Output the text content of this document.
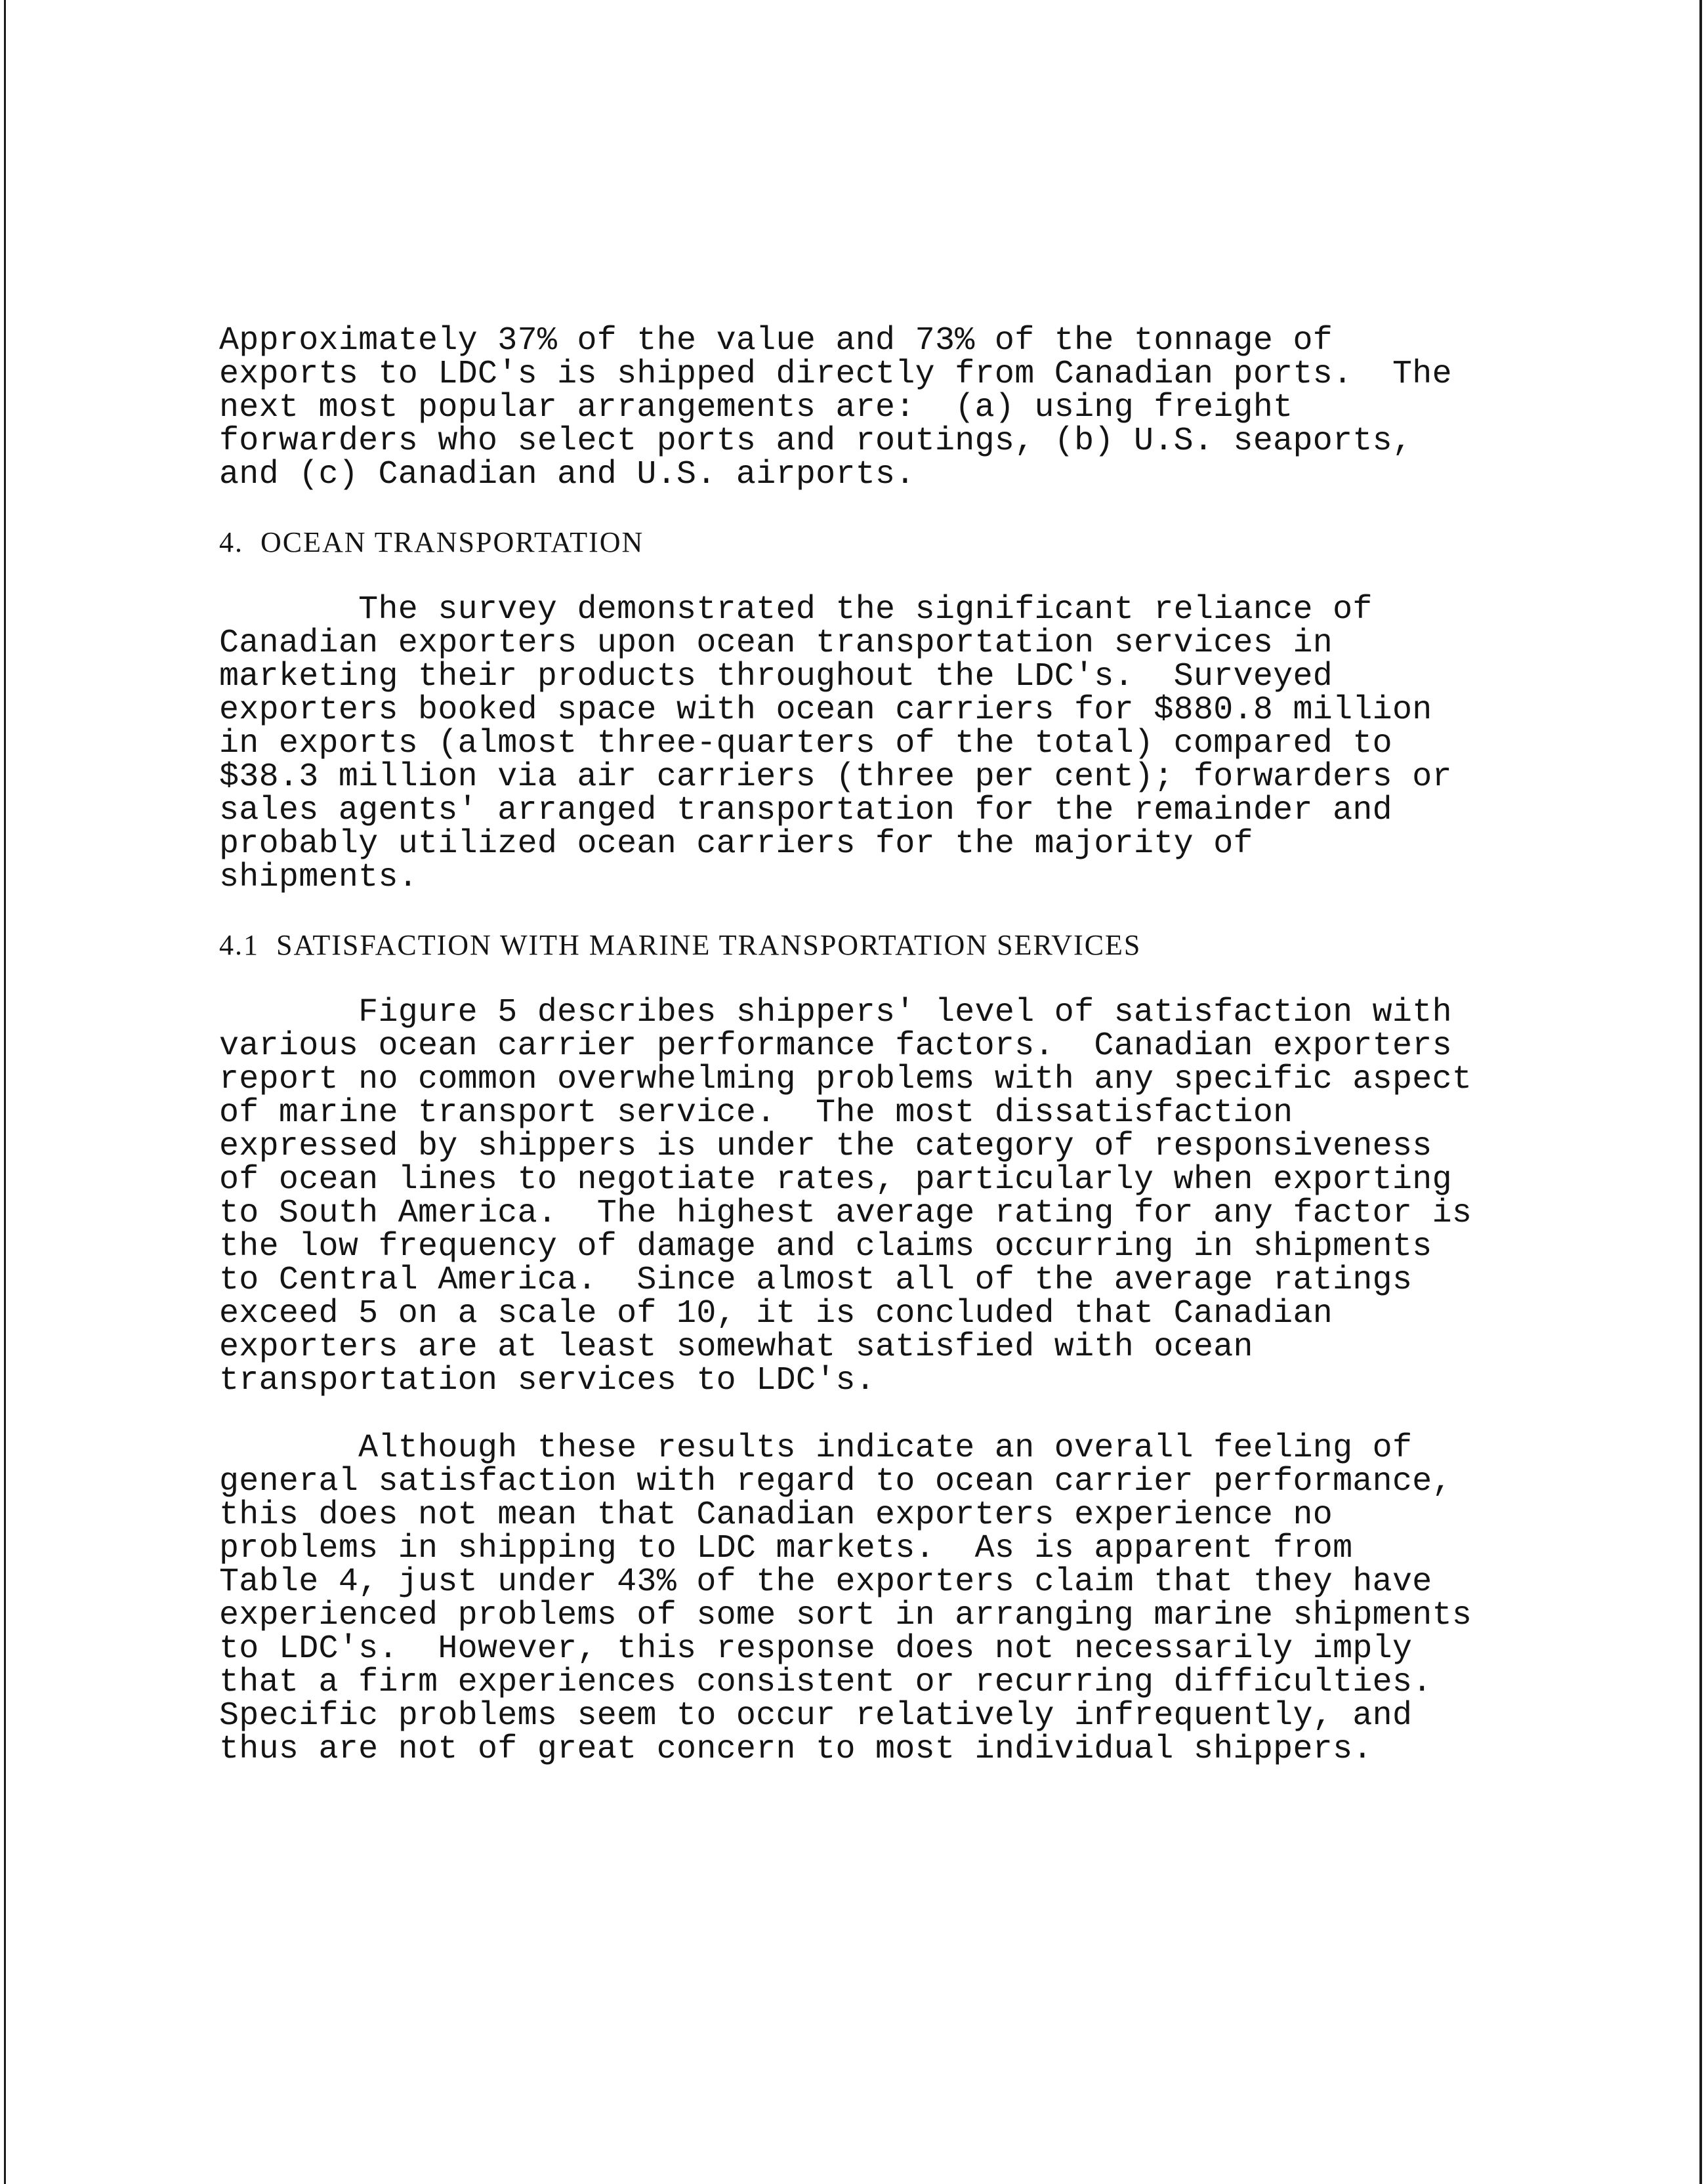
Approximately 37% of the value and 73% of the tonnage of
exports to LDC's is shipped directly from Canadian ports.  The
next most popular arrangements are:  (a) using freight
forwarders who select ports and routings, (b) U.S. seaports,
and (c) Canadian and U.S. airports.
4.  OCEAN TRANSPORTATION
The survey demonstrated the significant reliance of
Canadian exporters upon ocean transportation services in
marketing their products throughout the LDC's.  Surveyed
exporters booked space with ocean carriers for $880.8 million
in exports (almost three-quarters of the total) compared to
$38.3 million via air carriers (three per cent); forwarders or
sales agents' arranged transportation for the remainder and
probably utilized ocean carriers for the majority of
shipments.
4.1  SATISFACTION WITH MARINE TRANSPORTATION SERVICES
Figure 5 describes shippers' level of satisfaction with
various ocean carrier performance factors.  Canadian exporters
report no common overwhelming problems with any specific aspect
of marine transport service.  The most dissatisfaction
expressed by shippers is under the category of responsiveness
of ocean lines to negotiate rates, particularly when exporting
to South America.  The highest average rating for any factor is
the low frequency of damage and claims occurring in shipments
to Central America.  Since almost all of the average ratings
exceed 5 on a scale of 10, it is concluded that Canadian
exporters are at least somewhat satisfied with ocean
transportation services to LDC's.
Although these results indicate an overall feeling of
general satisfaction with regard to ocean carrier performance,
this does not mean that Canadian exporters experience no
problems in shipping to LDC markets.  As is apparent from
Table 4, just under 43% of the exporters claim that they have
experienced problems of some sort in arranging marine shipments
to LDC's.  However, this response does not necessarily imply
that a firm experiences consistent or recurring difficulties.
Specific problems seem to occur relatively infrequently, and
thus are not of great concern to most individual shippers.
